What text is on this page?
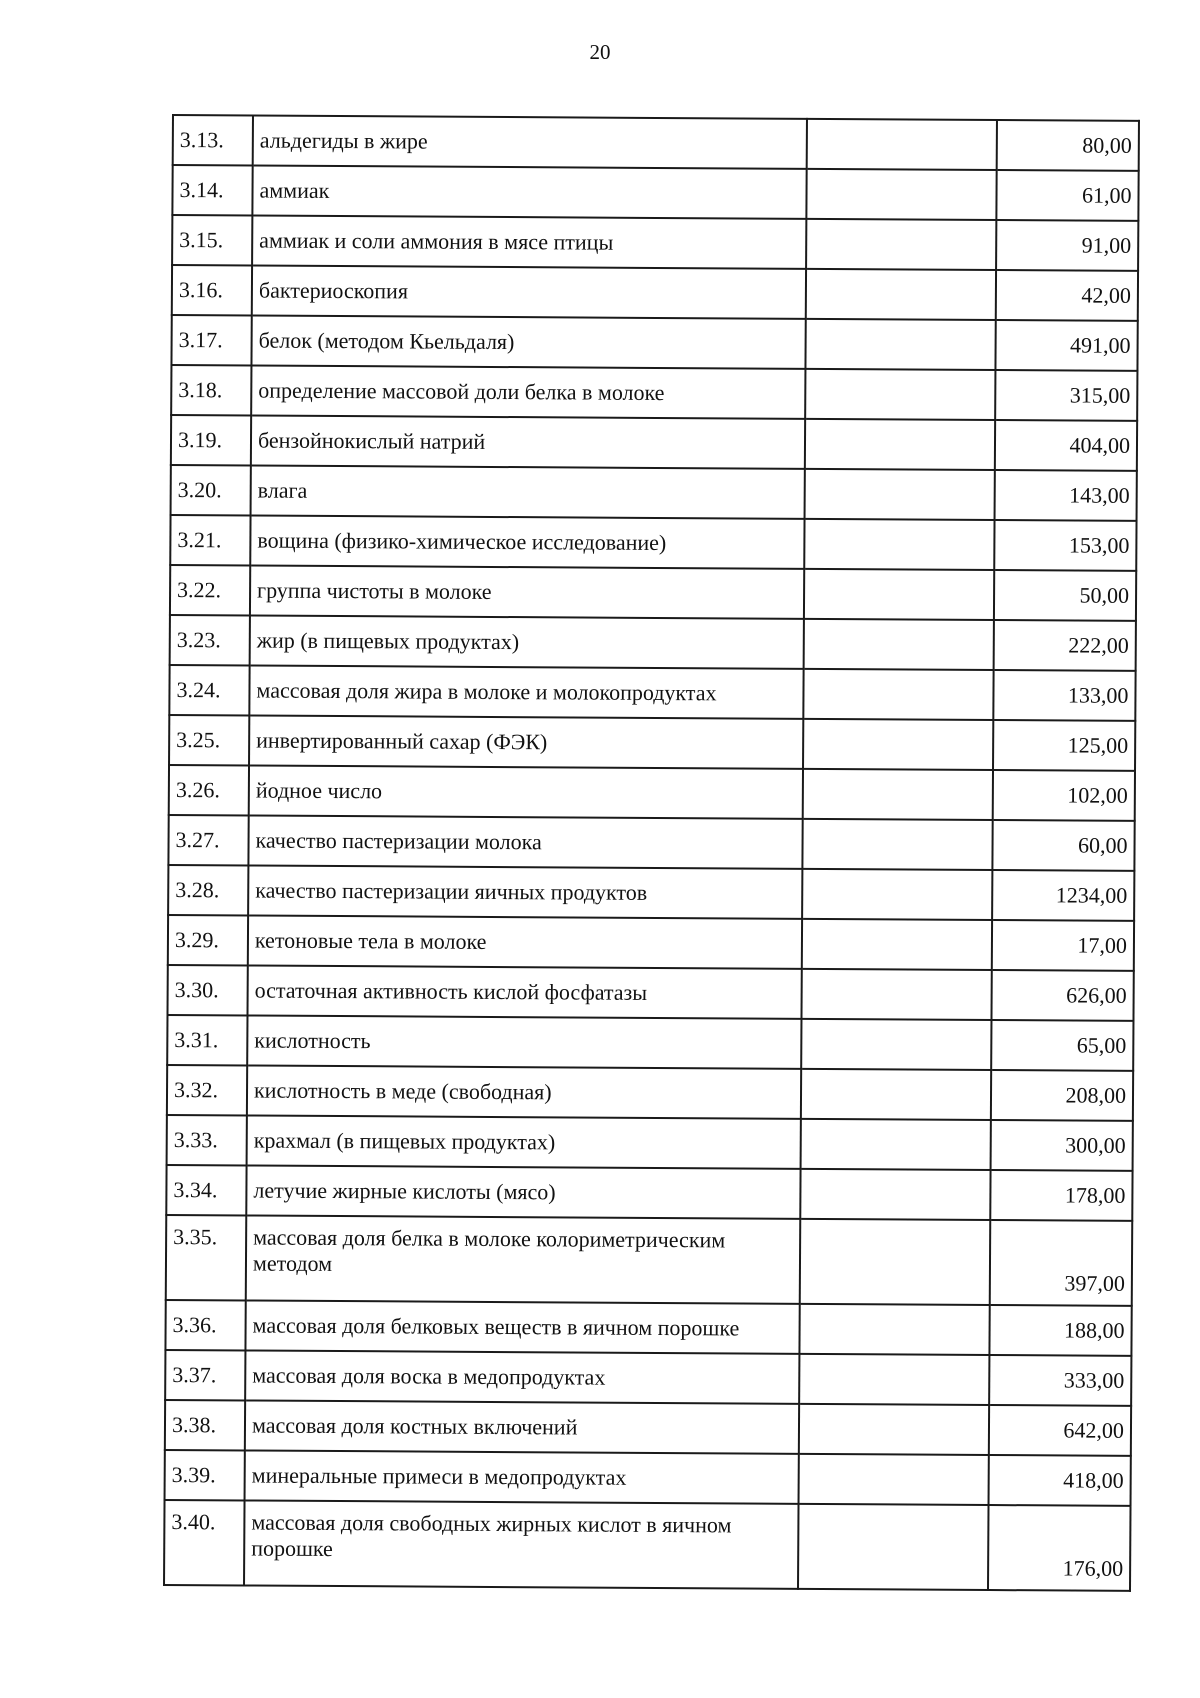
20
3.13.	альдегиды в жире		80,00
3.14.	аммиак		61,00
3.15.	аммиак и соли аммония в мясе птицы		91,00
3.16.	бактериоскопия		42,00
3.17.	белок (методом Кьельдаля)		491,00
3.18.	определение массовой доли белка в молоке		315,00
3.19.	бензойнокислый натрий		404,00
3.20.	влага		143,00
3.21.	вощина (физико-химическое исследование)		153,00
3.22.	группа чистоты в молоке		50,00
3.23.	жир (в пищевых продуктах)		222,00
3.24.	массовая доля жира в молоке и молокопродуктах		133,00
3.25.	инвертированный сахар (ФЭК)		125,00
3.26.	йодное число		102,00
3.27.	качество пастеризации молока		60,00
3.28.	качество пастеризации яичных продуктов		1234,00
3.29.	кетоновые тела в молоке		17,00
3.30.	остаточная активность кислой фосфатазы		626,00
3.31.	кислотность		65,00
3.32.	кислотность в меде (свободная)		208,00
3.33.	крахмал (в пищевых продуктах)		300,00
3.34.	летучие жирные кислоты (мясо)		178,00
3.35.	массовая доля белка в молоке колориметрическим методом		397,00
3.36.	массовая доля белковых веществ в яичном порошке		188,00
3.37.	массовая доля воска в медопродуктах		333,00
3.38.	массовая доля костных включений		642,00
3.39.	минеральные примеси в медопродуктах		418,00
3.40.	массовая доля свободных жирных кислот в яичном порошке		176,00
